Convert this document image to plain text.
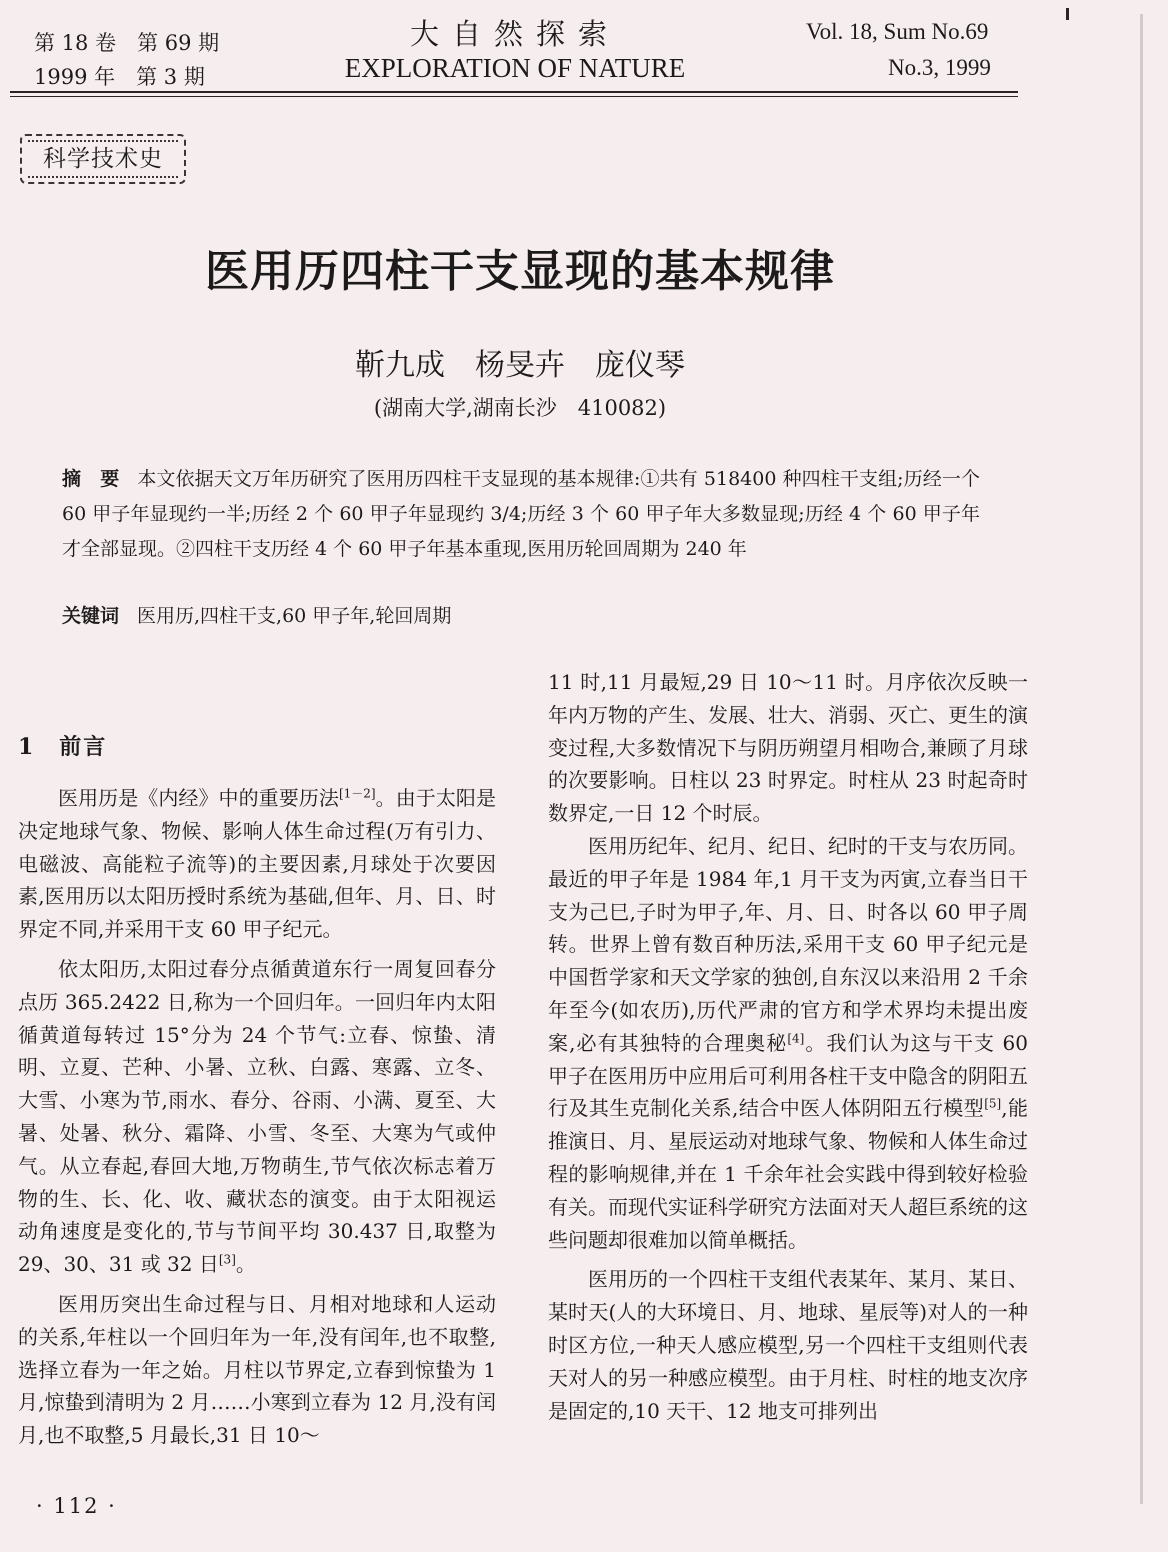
第 18 卷　第 69 期
1999 年　第 3 期
大自然探索
EXPLORATION OF NATURE
Vol. 18, Sum No.69
No.3, 1999
科学技术史
医用历四柱干支显现的基本规律
靳九成　杨旻卉　庞仪琴
(湖南大学,湖南长沙　410082)
摘　要 本文依据天文万年历研究了医用历四柱干支显现的基本规律:①共有 518400 种四柱干支组;历经一个 60 甲子年显现约一半;历经 2 个 60 甲子年显现约 3/4;历经 3 个 60 甲子年大多数显现;历经 4 个 60 甲子年才全部显现。②四柱干支历经 4 个 60 甲子年基本重现,医用历轮回周期为 240 年
关键词 医用历,四柱干支,60 甲子年,轮回周期
1　前言

医用历是《内经》中的重要历法[1－2]。由于太阳是决定地球气象、物候、影响人体生命过程(万有引力、电磁波、高能粒子流等)的主要因素,月球处于次要因素,医用历以太阳历授时系统为基础,但年、月、日、时界定不同,并采用干支 60 甲子纪元。

依太阳历,太阳过春分点循黄道东行一周复回春分点历 365.2422 日,称为一个回归年。一回归年内太阳循黄道每转过 15°分为 24 个节气:立春、惊蛰、清明、立夏、芒种、小暑、立秋、白露、寒露、立冬、大雪、小寒为节,雨水、春分、谷雨、小满、夏至、大暑、处暑、秋分、霜降、小雪、冬至、大寒为气或仲气。从立春起,春回大地,万物萌生,节气依次标志着万物的生、长、化、收、藏状态的演变。由于太阳视运动角速度是变化的,节与节间平均 30.437 日,取整为 29、30、31 或 32 日[3]。

医用历突出生命过程与日、月相对地球和人运动的关系,年柱以一个回归年为一年,没有闰年,也不取整,选择立春为一年之始。月柱以节界定,立春到惊蛰为 1 月,惊蛰到清明为 2 月……小寒到立春为 12 月,没有闰月,也不取整,5 月最长,31 日 10～

11 时,11 月最短,29 日 10～11 时。月序依次反映一年内万物的产生、发展、壮大、消弱、灭亡、更生的演变过程,大多数情况下与阴历朔望月相吻合,兼顾了月球的次要影响。日柱以 23 时界定。时柱从 23 时起奇时数界定,一日 12 个时辰。

医用历纪年、纪月、纪日、纪时的干支与农历同。最近的甲子年是 1984 年,1 月干支为丙寅,立春当日干支为己巳,子时为甲子,年、月、日、时各以 60 甲子周转。世界上曾有数百种历法,采用干支 60 甲子纪元是中国哲学家和天文学家的独创,自东汉以来沿用 2 千余年至今(如农历),历代严肃的官方和学术界均未提出废案,必有其独特的合理奥秘[4]。我们认为这与干支 60 甲子在医用历中应用后可利用各柱干支中隐含的阴阳五行及其生克制化关系,结合中医人体阴阳五行模型[5],能推演日、月、星辰运动对地球气象、物候和人体生命过程的影响规律,并在 1 千余年社会实践中得到较好检验有关。而现代实证科学研究方法面对天人超巨系统的这些问题却很难加以简单概括。

医用历的一个四柱干支组代表某年、某月、某日、某时天(人的大环境日、月、地球、星辰等)对人的一种时区方位,一种天人感应模型,另一个四柱干支组则代表天对人的另一种感应模型。由于月柱、时柱的地支次序是固定的,10 天干、12 地支可排列出

· 112 ·
